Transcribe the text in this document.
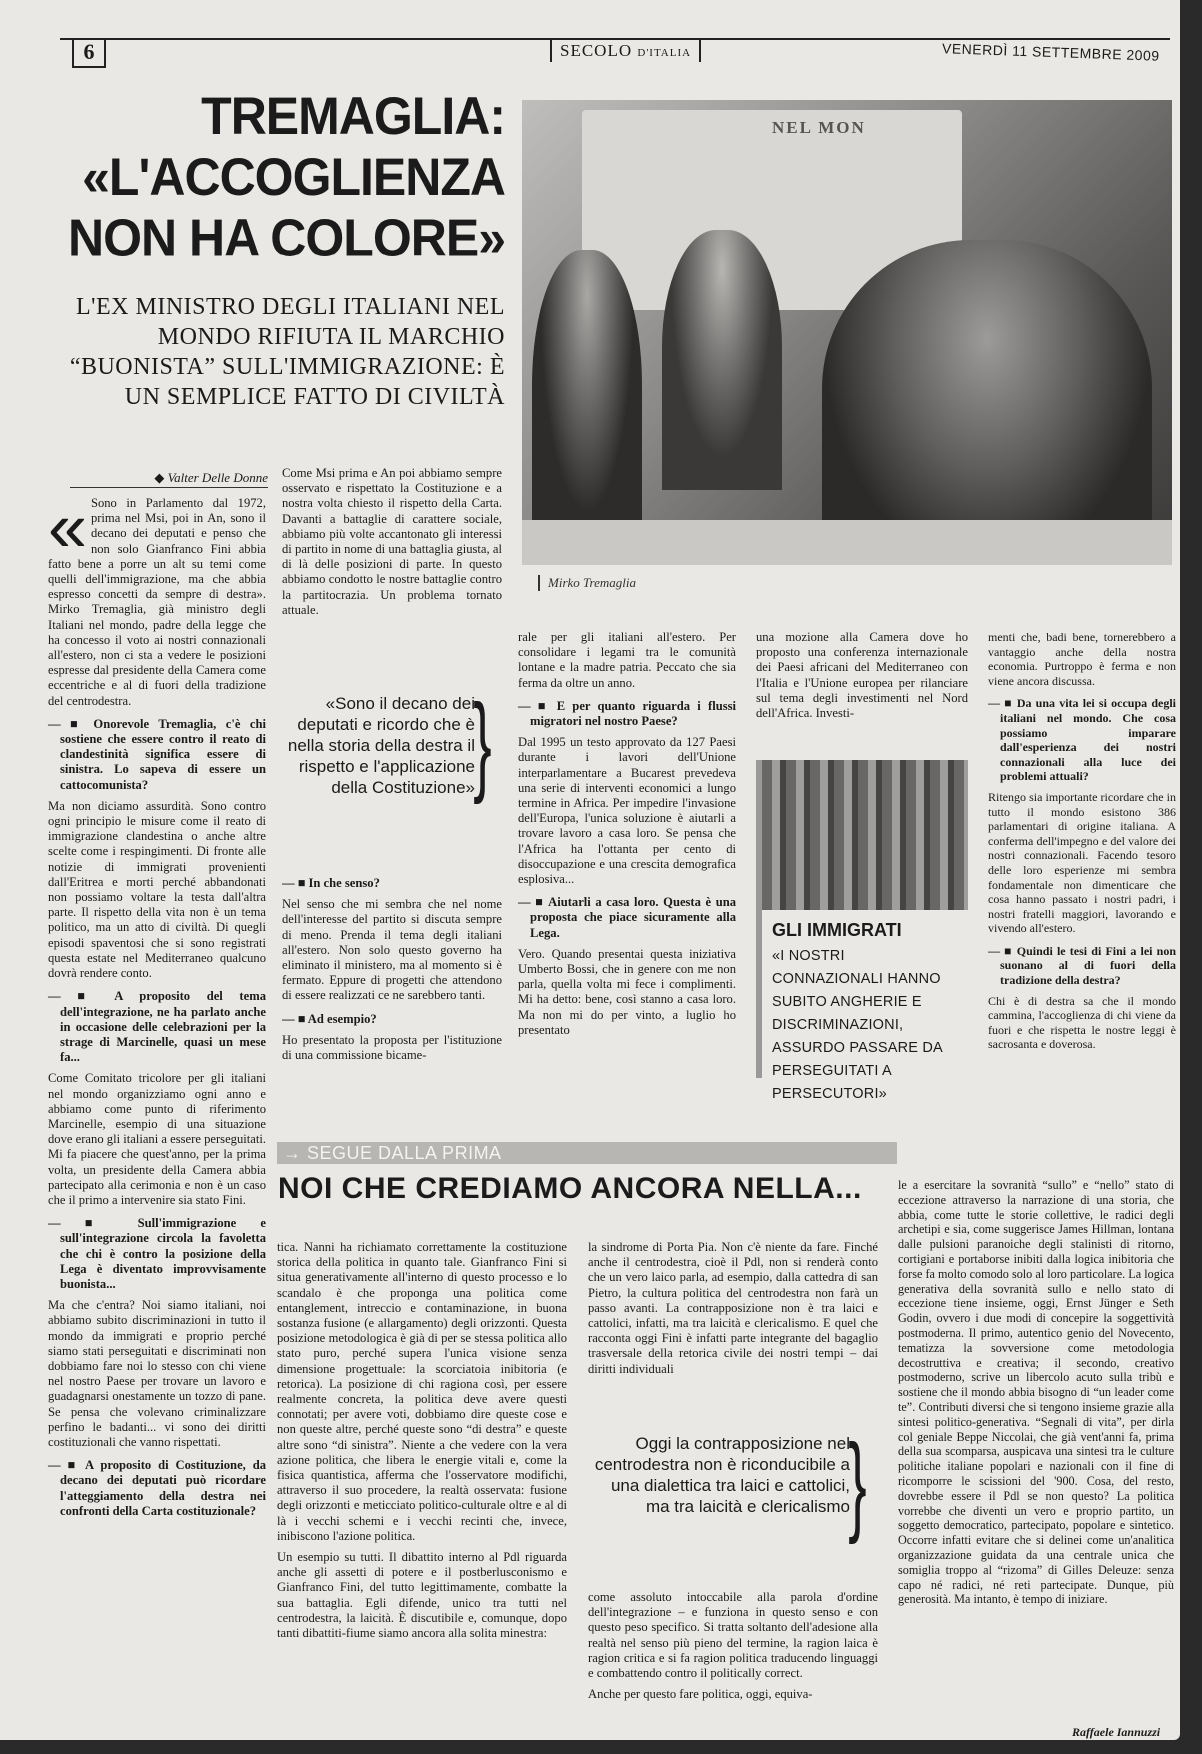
6	SECOLO D'ITALIA	VENERDÌ 11 SETTEMBRE 2009
TREMAGLIA: «L'ACCOGLIENZA NON HA COLORE»
L'EX MINISTRO DEGLI ITALIANI NEL MONDO RIFIUTA IL MARCHIO “BUONISTA” SULL'IMMIGRAZIONE: È UN SEMPLICE FATTO DI CIVILTÀ
NEL MON
Mirko Tremaglia
◆ Valter Delle Donne

« Sono in Parlamento dal 1972, prima nel Msi, poi in An, sono il decano dei deputati e penso che non solo Gianfranco Fini abbia fatto bene a porre un alt su temi come quelli dell'immigrazione, ma che abbia espresso concetti da sempre di destra». Mirko Tremaglia, già ministro degli Italiani nel mondo, padre della legge che ha concesso il voto ai nostri connazionali all'estero, non ci sta a vedere le posizioni espresse dal presidente della Camera come eccentriche e al di fuori della tradizione del centrodestra.

— ■ Onorevole Tremaglia, c'è chi sostiene che essere contro il reato di clandestinità significa essere di sinistra. Lo sapeva di essere un cattocomunista?

Ma non diciamo assurdità. Sono contro ogni principio le misure come il reato di immigrazione clandestina o anche altre scelte come i respingimenti. Di fronte alle notizie di immigrati provenienti dall'Eritrea e morti perché abbandonati non possiamo voltare la testa dall'altra parte. Il rispetto della vita non è un tema politico, ma un atto di civiltà. Di quegli episodi spaventosi che si sono registrati questa estate nel Mediterraneo qualcuno dovrà rendere conto.

— ■ A proposito del tema dell'integrazione, ne ha parlato anche in occasione delle celebrazioni per la strage di Marcinelle, quasi un mese fa...

Come Comitato tricolore per gli italiani nel mondo organizziamo ogni anno e abbiamo come punto di riferimento Marcinelle, esempio di una situazione dove erano gli italiani a essere perseguitati. Mi fa piacere che quest'anno, per la prima volta, un presidente della Camera abbia partecipato alla cerimonia e non è un caso che il primo a intervenire sia stato Fini.

— ■ Sull'immigrazione e sull'integrazione circola la favoletta che chi è contro la posizione della Lega è diventato improvvisamente buonista...

Ma che c'entra? Noi siamo italiani, noi abbiamo subito discriminazioni in tutto il mondo da immigrati e proprio perché siamo stati perseguitati e discriminati non dobbiamo fare noi lo stesso con chi viene nel nostro Paese per trovare un lavoro e guadagnarsi onestamente un tozzo di pane. Se pensa che volevano criminalizzare perfino le badanti... vi sono dei diritti costituzionali che vanno rispettati.

— ■ A proposito di Costituzione, da decano dei deputati può ricordare l'atteggiamento della destra nei confronti della Carta costituzionale?

Come Msi prima e An poi abbiamo sempre osservato e rispettato la Costituzione e a nostra volta chiesto il rispetto della Carta. Davanti a battaglie di carattere sociale, abbiamo più volte accantonato gli interessi di partito in nome di una battaglia giusta, al di là delle posizioni di parte. In questo abbiamo condotto le nostre battaglie contro la partitocrazia. Un problema tornato attuale.

«Sono il decano dei deputati e ricordo che è nella storia della destra il rispetto e l'applicazione della Costituzione»
}

— ■ In che senso?

Nel senso che mi sembra che nel nome dell'interesse del partito si discuta sempre di meno. Prenda il tema degli italiani all'estero. Non solo questo governo ha eliminato il ministero, ma al momento si è fermato. Eppure di progetti che attendono di essere realizzati ce ne sarebbero tanti.

— ■ Ad esempio?

Ho presentato la proposta per l'istituzione di una commissione bicame-

rale per gli italiani all'estero. Per consolidare i legami tra le comunità lontane e la madre patria. Peccato che sia ferma da oltre un anno.

— ■ E per quanto riguarda i flussi migratori nel nostro Paese?

Dal 1995 un testo approvato da 127 Paesi durante i lavori dell'Unione interparlamentare a Bucarest prevedeva una serie di interventi economici a lungo termine in Africa. Per impedire l'invasione dell'Europa, l'unica soluzione è aiutarli a trovare lavoro a casa loro. Se pensa che l'Africa ha l'ottanta per cento di disoccupazione e una crescita demografica esplosiva...

— ■ Aiutarli a casa loro. Questa è una proposta che piace sicuramente alla Lega.

Vero. Quando presentai questa iniziativa Umberto Bossi, che in genere con me non parla, quella volta mi fece i complimenti. Mi ha detto: bene, così stanno a casa loro. Ma non mi do per vinto, a luglio ho presentato

una mozione alla Camera dove ho proposto una conferenza internazionale dei Paesi africani del Mediterraneo con l'Italia e l'Unione europea per rilanciare sul tema degli investimenti nel Nord dell'Africa. Investi-

GLI IMMIGRATI
«I NOSTRI CONNAZIONALI HANNO SUBITO ANGHERIE E DISCRIMINAZIONI, ASSURDO PASSARE DA PERSEGUITATI A PERSECUTORI»

menti che, badi bene, tornerebbero a vantaggio anche della nostra economia. Purtroppo è ferma e non viene ancora discussa.

— ■ Da una vita lei si occupa degli italiani nel mondo. Che cosa possiamo imparare dall'esperienza dei nostri connazionali alla luce dei problemi attuali?

Ritengo sia importante ricordare che in tutto il mondo esistono 386 parlamentari di origine italiana. A conferma dell'impegno e del valore dei nostri connazionali. Facendo tesoro delle loro esperienze mi sembra fondamentale non dimenticare che cosa hanno passato i nostri padri, i nostri fratelli maggiori, lavorando e vivendo all'estero.

— ■ Quindi le tesi di Fini a lei non suonano al di fuori della tradizione della destra?

Chi è di destra sa che il mondo cammina, l'accoglienza di chi viene da fuori e che rispetta le nostre leggi è sacrosanta e doverosa.

→ SEGUE DALLA PRIMA
NOI CHE CREDIAMO ANCORA NELLA...

tica. Nanni ha richiamato correttamente la costituzione storica della politica in quanto tale. Gianfranco Fini si situa generativamente all'interno di questo processo e lo scandalo è che proponga una politica come entanglement, intreccio e contaminazione, in buona sostanza fusione (e allargamento) degli orizzonti. Questa posizione metodologica è già di per se stessa politica allo stato puro, perché supera l'unica visione senza dimensione progettuale: la scorciatoia inibitoria (e retorica). La posizione di chi ragiona così, per essere realmente concreta, la politica deve avere questi connotati; per avere voti, dobbiamo dire queste cose e non queste altre, perché queste sono “di destra” e queste altre sono “di sinistra”. Niente a che vedere con la vera azione politica, che libera le energie vitali e, come la fisica quantistica, afferma che l'osservatore modifichi, attraverso il suo procedere, la realtà osservata: fusione degli orizzonti e meticciato politico-culturale oltre e al di là i vecchi schemi e i vecchi recinti che, invece, inibiscono l'azione politica.

Un esempio su tutti. Il dibattito interno al Pdl riguarda anche gli assetti di potere e il postberlusconismo e Gianfranco Fini, del tutto legittimamente, combatte la sua battaglia. Egli difende, unico tra tutti nel centrodestra, la laicità. È discutibile e, comunque, dopo tanti dibattiti-fiume siamo ancora alla solita minestra:

la sindrome di Porta Pia. Non c'è niente da fare. Finché anche il centrodestra, cioè il Pdl, non si renderà conto che un vero laico parla, ad esempio, dalla cattedra di san Pietro, la cultura politica del centrodestra non farà un passo avanti. La contrapposizione non è tra laici e cattolici, infatti, ma tra laicità e clericalismo. E quel che racconta oggi Fini è infatti parte integrante del bagaglio trasversale della retorica civile dei nostri tempi – dai diritti individuali

Oggi la contrapposizione nel centrodestra non è riconducibile a una dialettica tra laici e cattolici, ma tra laicità e clericalismo
}

come assoluto intoccabile alla parola d'ordine dell'integrazione – e funziona in questo senso e con questo peso specifico. Si tratta soltanto dell'adesione alla realtà nel senso più pieno del termine, la ragion laica è ragion critica e si fa ragion politica traducendo linguaggi e combattendo contro il politically correct.

Anche per questo fare politica, oggi, equiva-

le a esercitare la sovranità “sullo” e “nello” stato di eccezione attraverso la narrazione di una storia, che abbia, come tutte le storie collettive, le radici degli archetipi e sia, come suggerisce James Hillman, lontana dalle pulsioni paranoiche degli stalinisti di ritorno, cortigiani e portaborse inibiti dalla logica inibitoria che forse fa molto comodo solo al loro particolare. La logica generativa della sovranità sullo e nello stato di eccezione tiene insieme, oggi, Ernst Jünger e Seth Godin, ovvero i due modi di concepire la soggettività postmoderna. Il primo, autentico genio del Novecento, tematizza la sovversione come metodologia decostruttiva e creativa; il secondo, creativo postmoderno, scrive un libercolo acuto sulla tribù e sostiene che il mondo abbia bisogno di “un leader come te”. Contributi diversi che si tengono insieme grazie alla sintesi politico-generativa. “Segnali di vita”, per dirla col geniale Beppe Niccolai, che già vent'anni fa, prima della sua scomparsa, auspicava una sintesi tra le culture politiche italiane popolari e nazionali con il fine di ricomporre le scissioni del '900. Cosa, del resto, dovrebbe essere il Pdl se non questo? La politica vorrebbe che diventi un vero e proprio partito, un soggetto democratico, partecipato, popolare e sintetico. Occorre infatti evitare che si delinei come un'analitica organizzazione guidata da una centrale unica che somiglia troppo al “rizoma” di Gilles Deleuze: senza capo né radici, né reti partecipate. Dunque, più generosità. Ma intanto, è tempo di iniziare.

Raffaele Iannuzzi
